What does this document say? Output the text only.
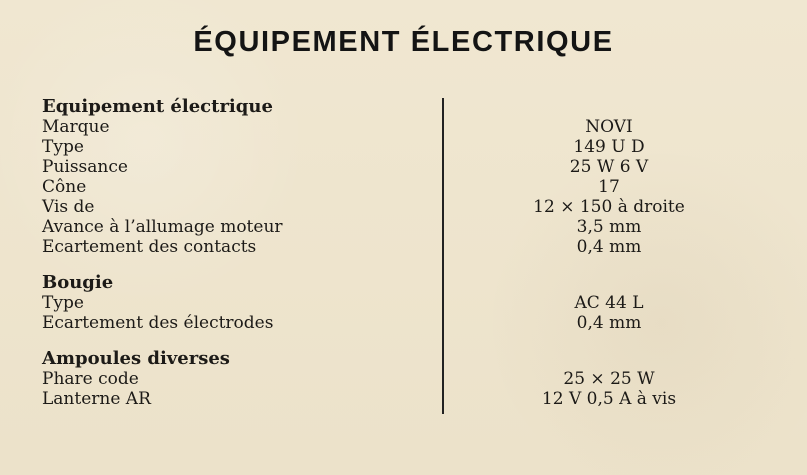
ÉQUIPEMENT ÉLECTRIQUE
Equipement électrique
Marque
Type
Puissance
Cône
Vis de
Avance à l’allumage moteur
Ecartement des contacts
Bougie
Type
Ecartement des électrodes
Ampoules diverses
Phare code
Lanterne AR
NOVI
149 U D
25 W 6 V
17
12 × 150 à droite
3,5 mm
0,4 mm
AC 44 L
0,4 mm
25 × 25 W
12 V 0,5 A à vis
